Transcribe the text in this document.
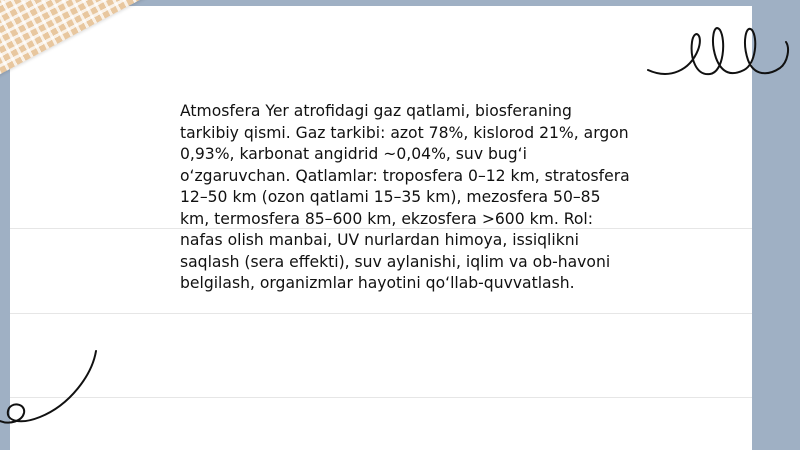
Atmosfera Yer atrofidagi gaz qatlami, biosferaning tarkibiy qismi. Gaz tarkibi: azot 78%, kislorod 21%, argon 0,93%, karbonat angidrid ~0,04%, suv bug‘i o‘zgaruvchan. Qatlamlar: troposfera 0–12 km, stratosfera 12–50 km (ozon qatlami 15–35 km), mezosfera 50–85 km, termosfera 85–600 km, ekzosfera >600 km. Rol: nafas olish manbai, UV nurlardan himoya, issiqlikni saqlash (sera effekti), suv aylanishi, iqlim va ob-havoni belgilash, organizmlar hayotini qo‘llab-quvvatlash.
